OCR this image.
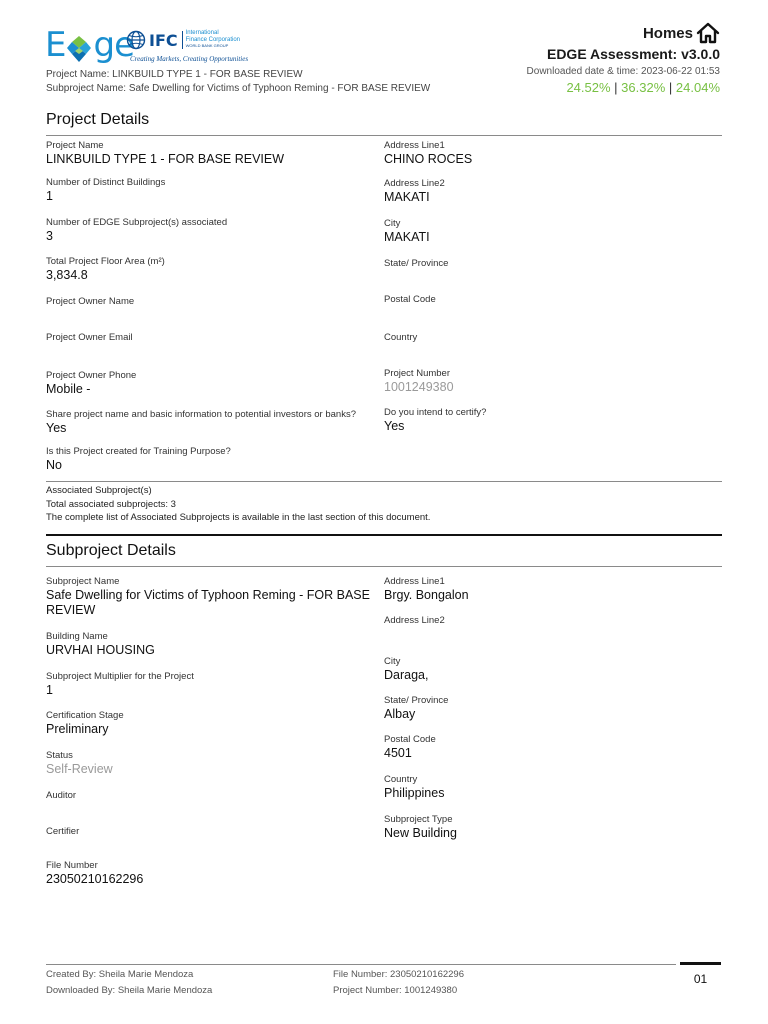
E ge IFC International
Finance Corporation
WORLD BANK GROUP
Creating Markets, Creating Opportunities
Project Name: LINKBUILD TYPE 1 - FOR BASE REVIEW
Subproject Name: Safe Dwelling for Victims of Typhoon Reming - FOR BASE REVIEW
Homes
EDGE Assessment: v3.0.0
Downloaded date & time: 2023-06-22 01:53
24.52% | 36.32% | 24.04%
Project Details
Project Name
LINKBUILD TYPE 1 - FOR BASE REVIEW
Number of Distinct Buildings
1
Number of EDGE Subproject(s) associated
3
Total Project Floor Area (m²)
3,834.8
Project Owner Name
Project Owner Email
Project Owner Phone
Mobile -
Share project name and basic information to potential investors or banks?
Yes
Is this Project created for Training Purpose?
No
Address Line1
CHINO ROCES
Address Line2
MAKATI
City
MAKATI
State/ Province
Postal Code
Country
Project Number
1001249380
Do you intend to certify?
Yes
Associated Subproject(s)
Total associated subprojects: 3
The complete list of Associated Subprojects is available in the last section of this document.
Subproject Details
Subproject Name
Safe Dwelling for Victims of Typhoon Reming - FOR BASE REVIEW
Building Name
URVHAI HOUSING
Subproject Multiplier for the Project
1
Certification Stage
Preliminary
Status
Self-Review
Auditor
Certifier
File Number
23050210162296
Address Line1
Brgy. Bongalon
Address Line2
City
Daraga,
State/ Province
Albay
Postal Code
4501
Country
Philippines
Subproject Type
New Building
Created By: Sheila Marie Mendoza
Downloaded By: Sheila Marie Mendoza
File Number: 23050210162296
Project Number: 1001249380
01
